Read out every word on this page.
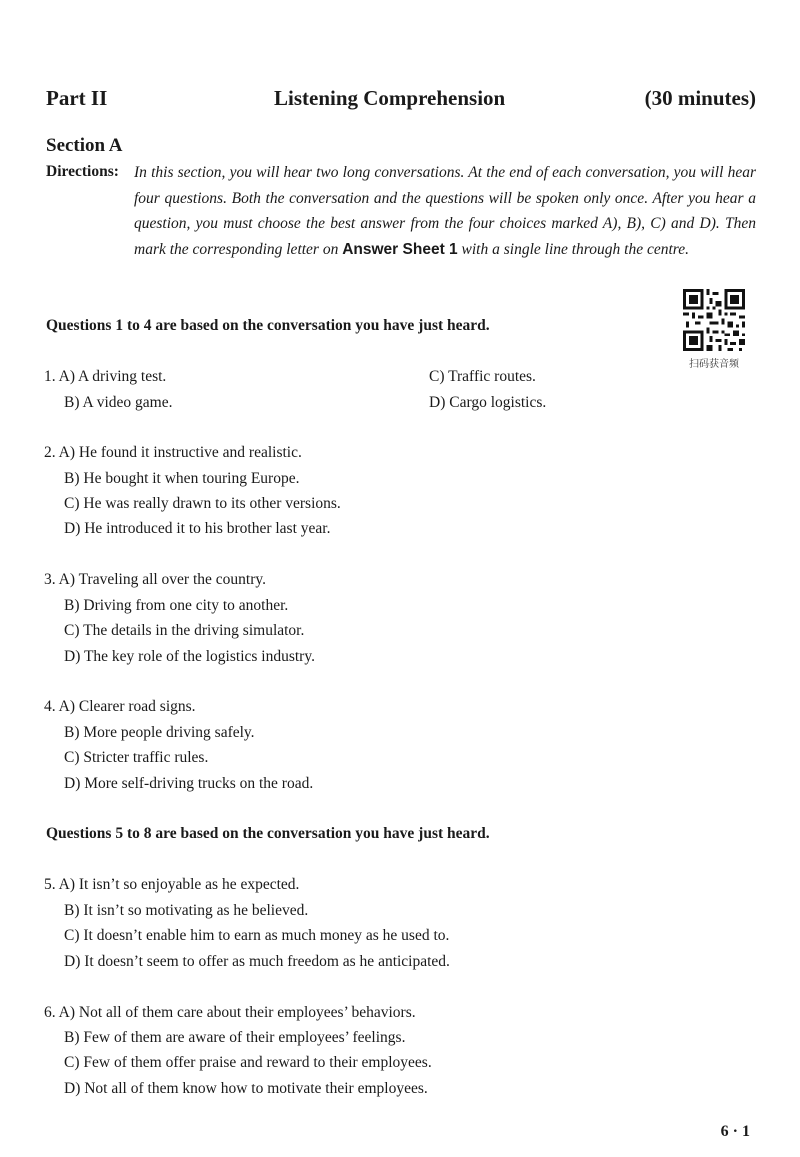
Part II	Listening Comprehension	(30 minutes)
Section A
Directions: In this section, you will hear two long conversations. At the end of each conversation, you will hear four questions. Both the conversation and the questions will be spoken only once. After you hear a question, you must choose the best answer from the four choices marked A), B), C) and D). Then mark the corresponding letter on Answer Sheet 1 with a single line through the centre.
扫码获音频
Questions 1 to 4 are based on the conversation you have just heard.
1. A) A driving test.
B) A video game.
C) Traffic routes.
D) Cargo logistics.
2. A) He found it instructive and realistic.
B) He bought it when touring Europe.
C) He was really drawn to its other versions.
D) He introduced it to his brother last year.
3. A) Traveling all over the country.
B) Driving from one city to another.
C) The details in the driving simulator.
D) The key role of the logistics industry.
4. A) Clearer road signs.
B) More people driving safely.
C) Stricter traffic rules.
D) More self-driving trucks on the road.
Questions 5 to 8 are based on the conversation you have just heard.
5. A) It isn’t so enjoyable as he expected.
B) It isn’t so motivating as he believed.
C) It doesn’t enable him to earn as much money as he used to.
D) It doesn’t seem to offer as much freedom as he anticipated.
6. A) Not all of them care about their employees’ behaviors.
B) Few of them are aware of their employees’ feelings.
C) Few of them offer praise and reward to their employees.
D) Not all of them know how to motivate their employees.
6 · 1
